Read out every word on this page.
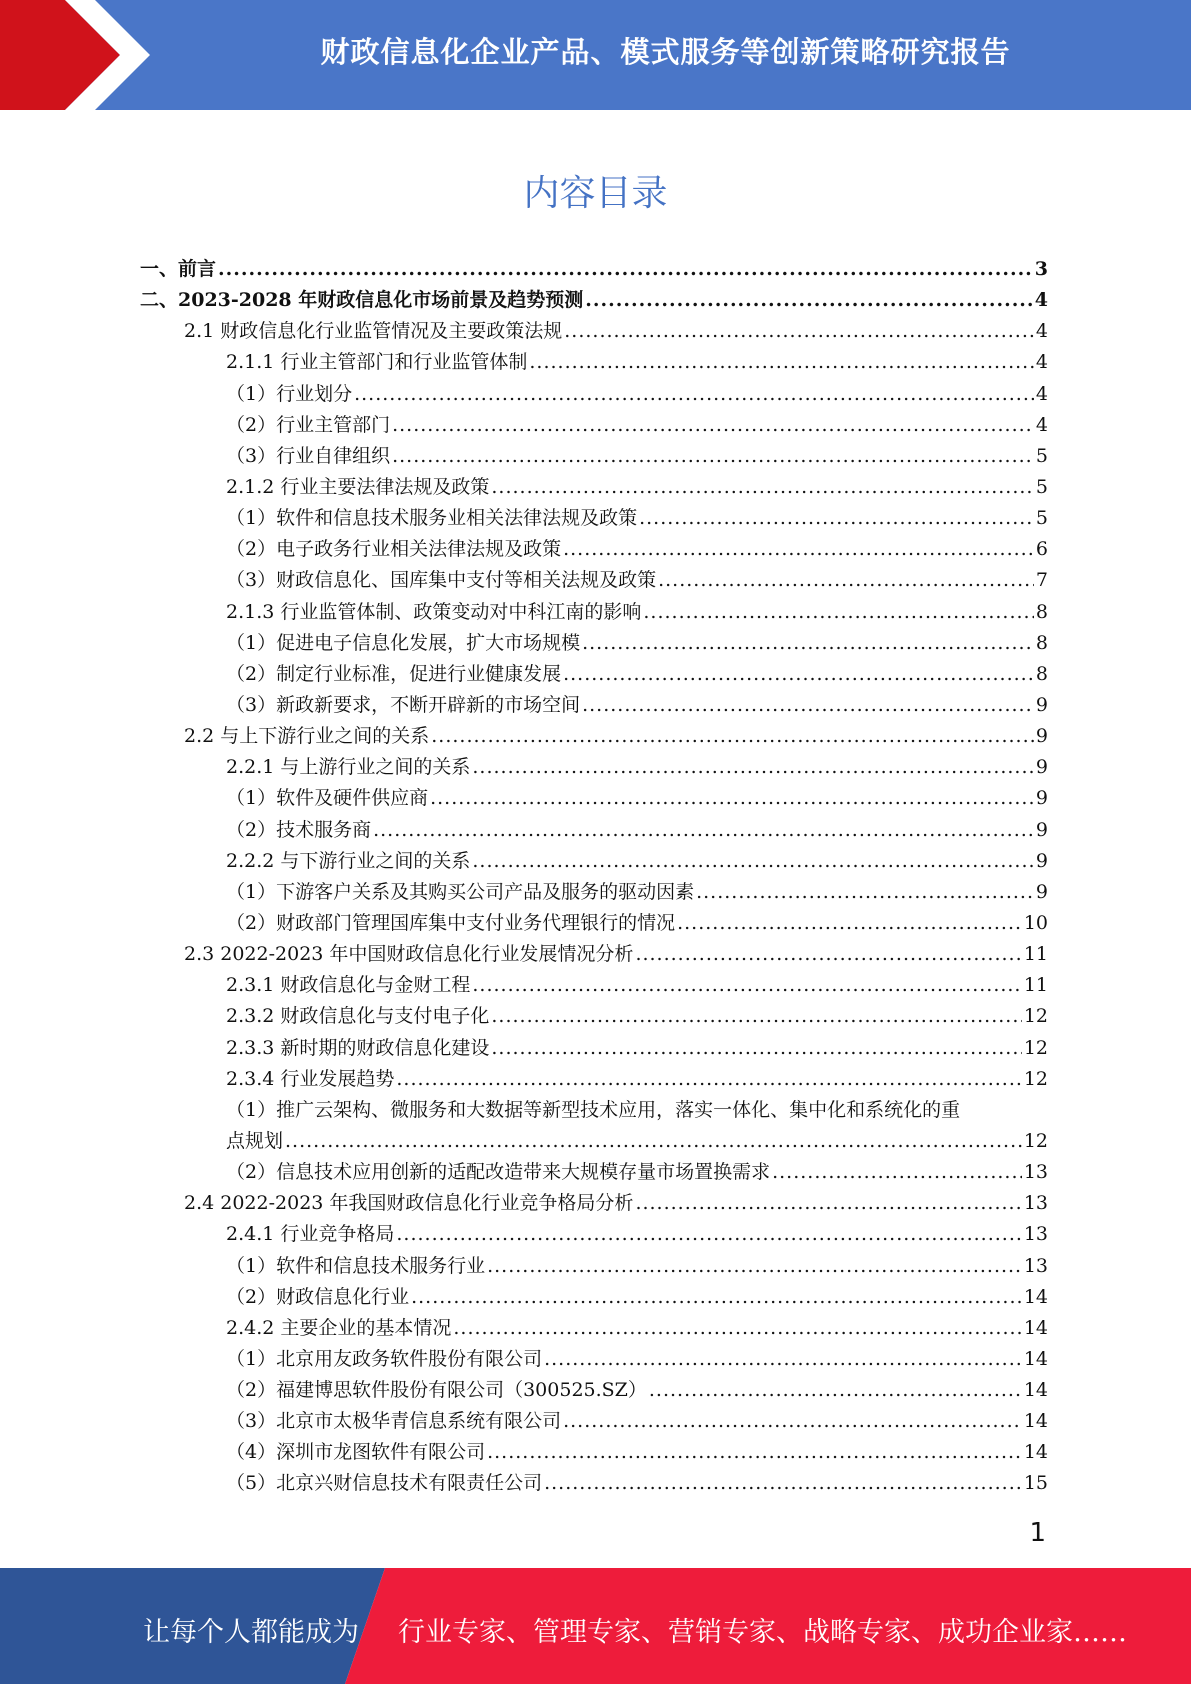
财政信息化企业产品、模式服务等创新策略研究报告
内容目录
一、前言 .....	3
二、2023-2028 年财政信息化市场前景及趋势预测 .....	4
2.1 财政信息化行业监管情况及主要政策法规 .....	4
2.1.1 行业主管部门和行业监管体制 .....	4
（1）行业划分 .....	4
（2）行业主管部门 .....	4
（3）行业自律组织 .....	5
2.1.2 行业主要法律法规及政策 .....	5
（1）软件和信息技术服务业相关法律法规及政策 .....	5
（2）电子政务行业相关法律法规及政策 .....	6
（3）财政信息化、国库集中支付等相关法规及政策 .....	7
2.1.3 行业监管体制、政策变动对中科江南的影响 .....	8
（1）促进电子信息化发展，扩大市场规模 .....	8
（2）制定行业标准，促进行业健康发展 .....	8
（3）新政新要求，不断开辟新的市场空间 .....	9
2.2 与上下游行业之间的关系 .....	9
2.2.1 与上游行业之间的关系 .....	9
（1）软件及硬件供应商 .....	9
（2）技术服务商 .....	9
2.2.2 与下游行业之间的关系 .....	9
（1）下游客户关系及其购买公司产品及服务的驱动因素 .....	9
（2）财政部门管理国库集中支付业务代理银行的情况 .....	10
2.3 2022-2023 年中国财政信息化行业发展情况分析 .....	11
2.3.1 财政信息化与金财工程 .....	11
2.3.2 财政信息化与支付电子化 .....	12
2.3.3 新时期的财政信息化建设 .....	12
2.3.4 行业发展趋势 .....	12
（1）推广云架构、微服务和大数据等新型技术应用，落实一体化、集中化和系统化的重
点规划 .....	12
（2）信息技术应用创新的适配改造带来大规模存量市场置换需求 .....	13
2.4 2022-2023 年我国财政信息化行业竞争格局分析 .....	13
2.4.1 行业竞争格局 .....	13
（1）软件和信息技术服务行业 .....	13
（2）财政信息化行业 .....	14
2.4.2 主要企业的基本情况 .....	14
（1）北京用友政务软件股份有限公司 .....	14
（2）福建博思软件股份有限公司（300525.SZ） .....	14
（3）北京市太极华青信息系统有限公司 .....	14
（4）深圳市龙图软件有限公司 .....	14
（5）北京兴财信息技术有限责任公司 .....	15
1
让每个人都能成为 行业专家、管理专家、营销专家、战略专家、成功企业家……
